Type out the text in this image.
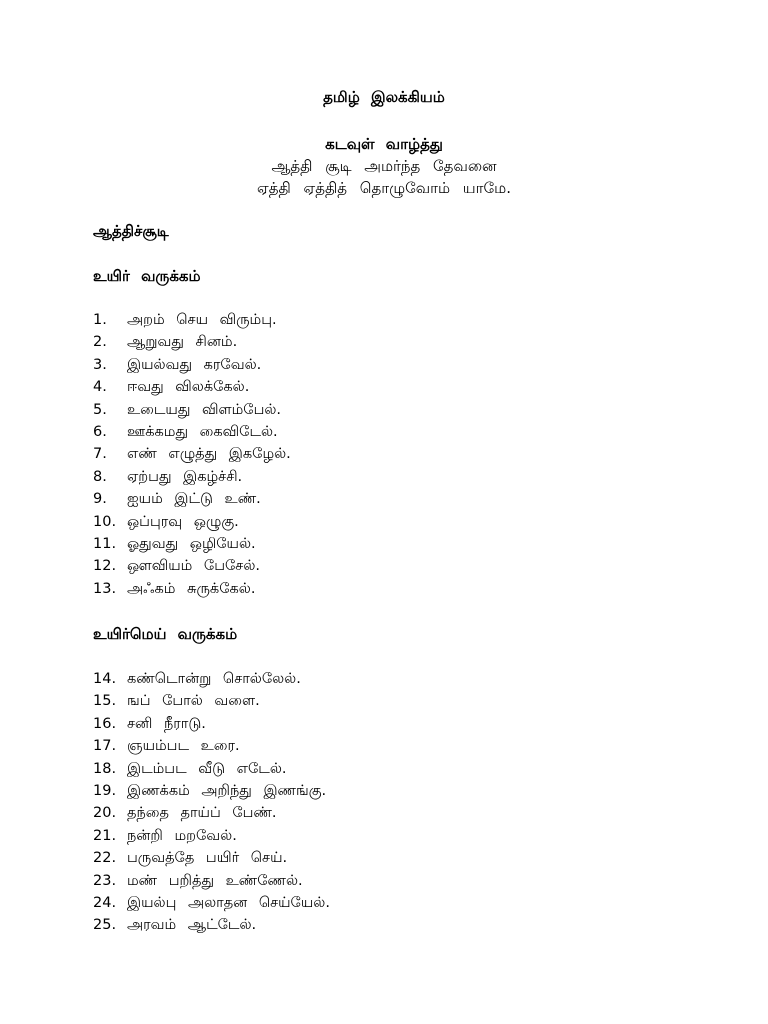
தமிழ் இலக்கியம்
கடவுள் வாழ்த்து
ஆத்தி சூடி அமர்ந்த தேவனை
ஏத்தி ஏத்தித் தொழுவோம் யாமே.
ஆத்திச்சூடி
உயிர் வருக்கம்
1.	அறம் செய விரும்பு.
2.	ஆறுவது சினம்.
3.	இயல்வது கரவேல்.
4.	ஈவது விலக்கேல்.
5.	உடையது விளம்பேல்.
6.	ஊக்கமது கைவிடேல்.
7.	எண் எழுத்து இகழேல்.
8.	ஏற்பது இகழ்ச்சி.
9.	ஐயம் இட்டு உண்.
10. ஒப்புரவு ஒழுகு.
11. ஓதுவது ஒழியேல்.
12. ஔவியம் பேசேல்.
13. அஃகம் சுருக்கேல்.
உயிர்மெய் வருக்கம்
14. கண்டொன்று சொல்லேல்.
15. ஙப் போல் வளை.
16. சனி நீராடு.
17. ஞயம்பட உரை.
18. இடம்பட வீடு எடேல்.
19. இணக்கம் அறிந்து இணங்கு.
20. தந்தை தாய்ப் பேண்.
21. நன்றி மறவேல்.
22. பருவத்தே பயிர் செய்.
23. மண் பறித்து உண்ணேல்.
24. இயல்பு அலாதன செய்யேல்.
25. அரவம் ஆட்டேல்.
